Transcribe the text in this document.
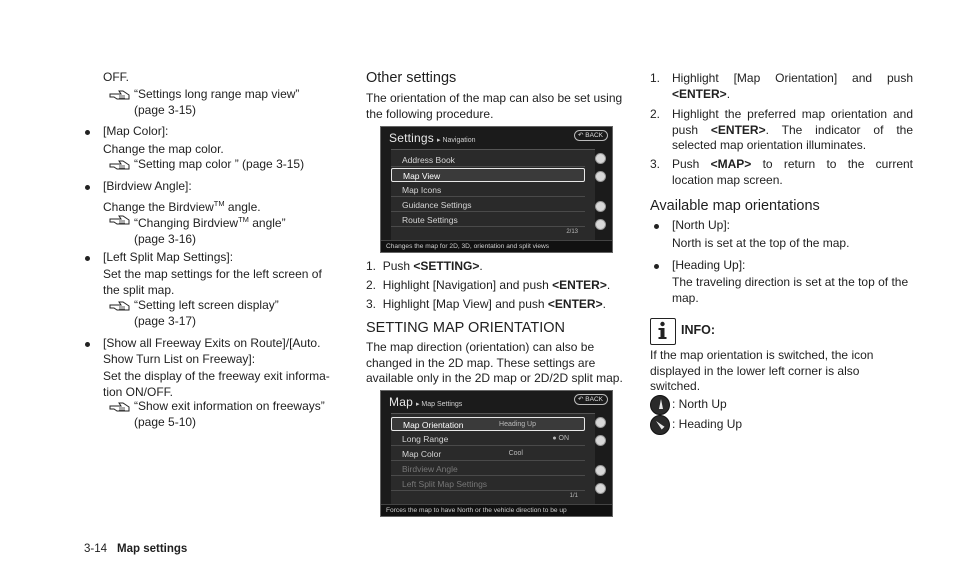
OFF.
“Settings long range map view”
(page 3-15)
[Map Color]:
Change the map color.
“Setting map color ” (page 3-15)
[Birdview Angle]:
Change the Birdview™ angle.
“Changing Birdview™ angle”
(page 3-16)
[Left Split Map Settings]:
Set the map settings for the left screen of
the split map.
“Setting left screen display”
(page 3-17)
[Show all Freeway Exits on Route]/[Auto.
Show Turn List on Freeway]:
Set the display of the freeway exit informa-
tion ON/OFF.
“Show exit information on freeways”
(page 5-10)
Other settings
The orientation of the map can also be set using
the following procedure.
Settings ▸ Navigation
↶ BACK
Address Book
Map View
Map Icons
Guidance Settings
Route Settings
2/13
Changes the map for 2D, 3D, orientation and split views
1. Push <SETTING>.
2. Highlight [Navigation] and push <ENTER>.
3. Highlight [Map View] and push <ENTER>.
SETTING MAP ORIENTATION
The map direction (orientation) can also be
changed in the 2D map. These settings are
available only in the 2D map or 2D/2D split map.
Map ▸ Map Settings
↶ BACK
Map Orientation	Heading Up
Long Range	● ON
Map Color	Cool
Birdview Angle
Left Split Map Settings
1/1
Forces the map to have North or the vehicle direction to be up
1. Highlight [Map Orientation] and push
<ENTER>.
2. Highlight the preferred map orientation and
push <ENTER>. The indicator of the
selected map orientation illuminates.
3. Push <MAP> to return to the current
location map screen.
Available map orientations
[North Up]:
North is set at the top of the map.
[Heading Up]:
The traveling direction is set at the top of the
map.
INFO:
If the map orientation is switched, the icon
displayed in the lower left corner is also
switched.
: North Up
: Heading Up
3-14 Map settings
